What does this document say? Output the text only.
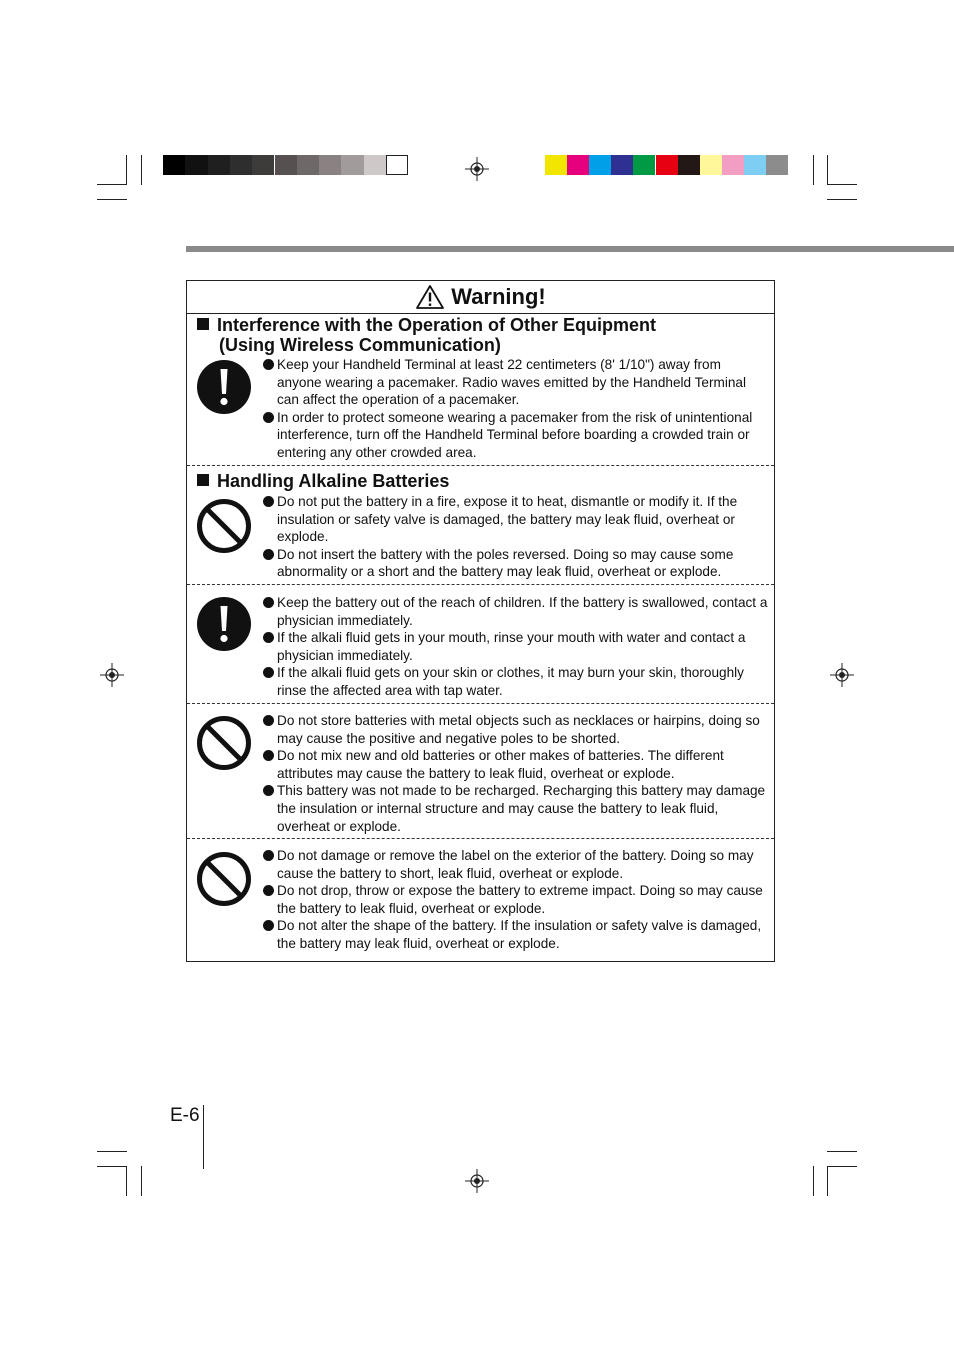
Warning!
Interference with the Operation of Other Equipment
(Using Wireless Communication)
Keep your Handheld Terminal at least 22 centimeters (8' 1/10") away from anyone wearing a pacemaker. Radio waves emitted by the Handheld Terminal can affect the operation of a pacemaker.
In order to protect someone wearing a pacemaker from the risk of unintentional interference, turn off the Handheld Terminal before boarding a crowded train or entering any other crowded area.
Handling Alkaline Batteries
Do not put the battery in a fire, expose it to heat, dismantle or modify it. If the insulation or safety valve is damaged, the battery may leak fluid, overheat or explode.
Do not insert the battery with the poles reversed. Doing so may cause some abnormality or a short and the battery may leak fluid, overheat or explode.
Keep the battery out of the reach of children. If the battery is swallowed, contact a physician immediately.
If the alkali fluid gets in your mouth, rinse your mouth with water and contact a physician immediately.
If the alkali fluid gets on your skin or clothes, it may burn your skin, thoroughly rinse the affected area with tap water.
Do not store batteries with metal objects such as necklaces or hairpins, doing so may cause the positive and negative poles to be shorted.
Do not mix new and old batteries or other makes of batteries. The different attributes may cause the battery to leak fluid, overheat or explode.
This battery was not made to be recharged. Recharging this battery may damage the insulation or internal structure and may cause the battery to leak fluid, overheat or explode.
Do not damage or remove the label on the exterior of the battery. Doing so may cause the battery to short, leak fluid, overheat or explode.
Do not drop, throw or expose the battery to extreme impact. Doing so may cause the battery to leak fluid, overheat or explode.
Do not alter the shape of the battery. If the insulation or safety valve is damaged, the battery may leak fluid, overheat or explode.
E-6
